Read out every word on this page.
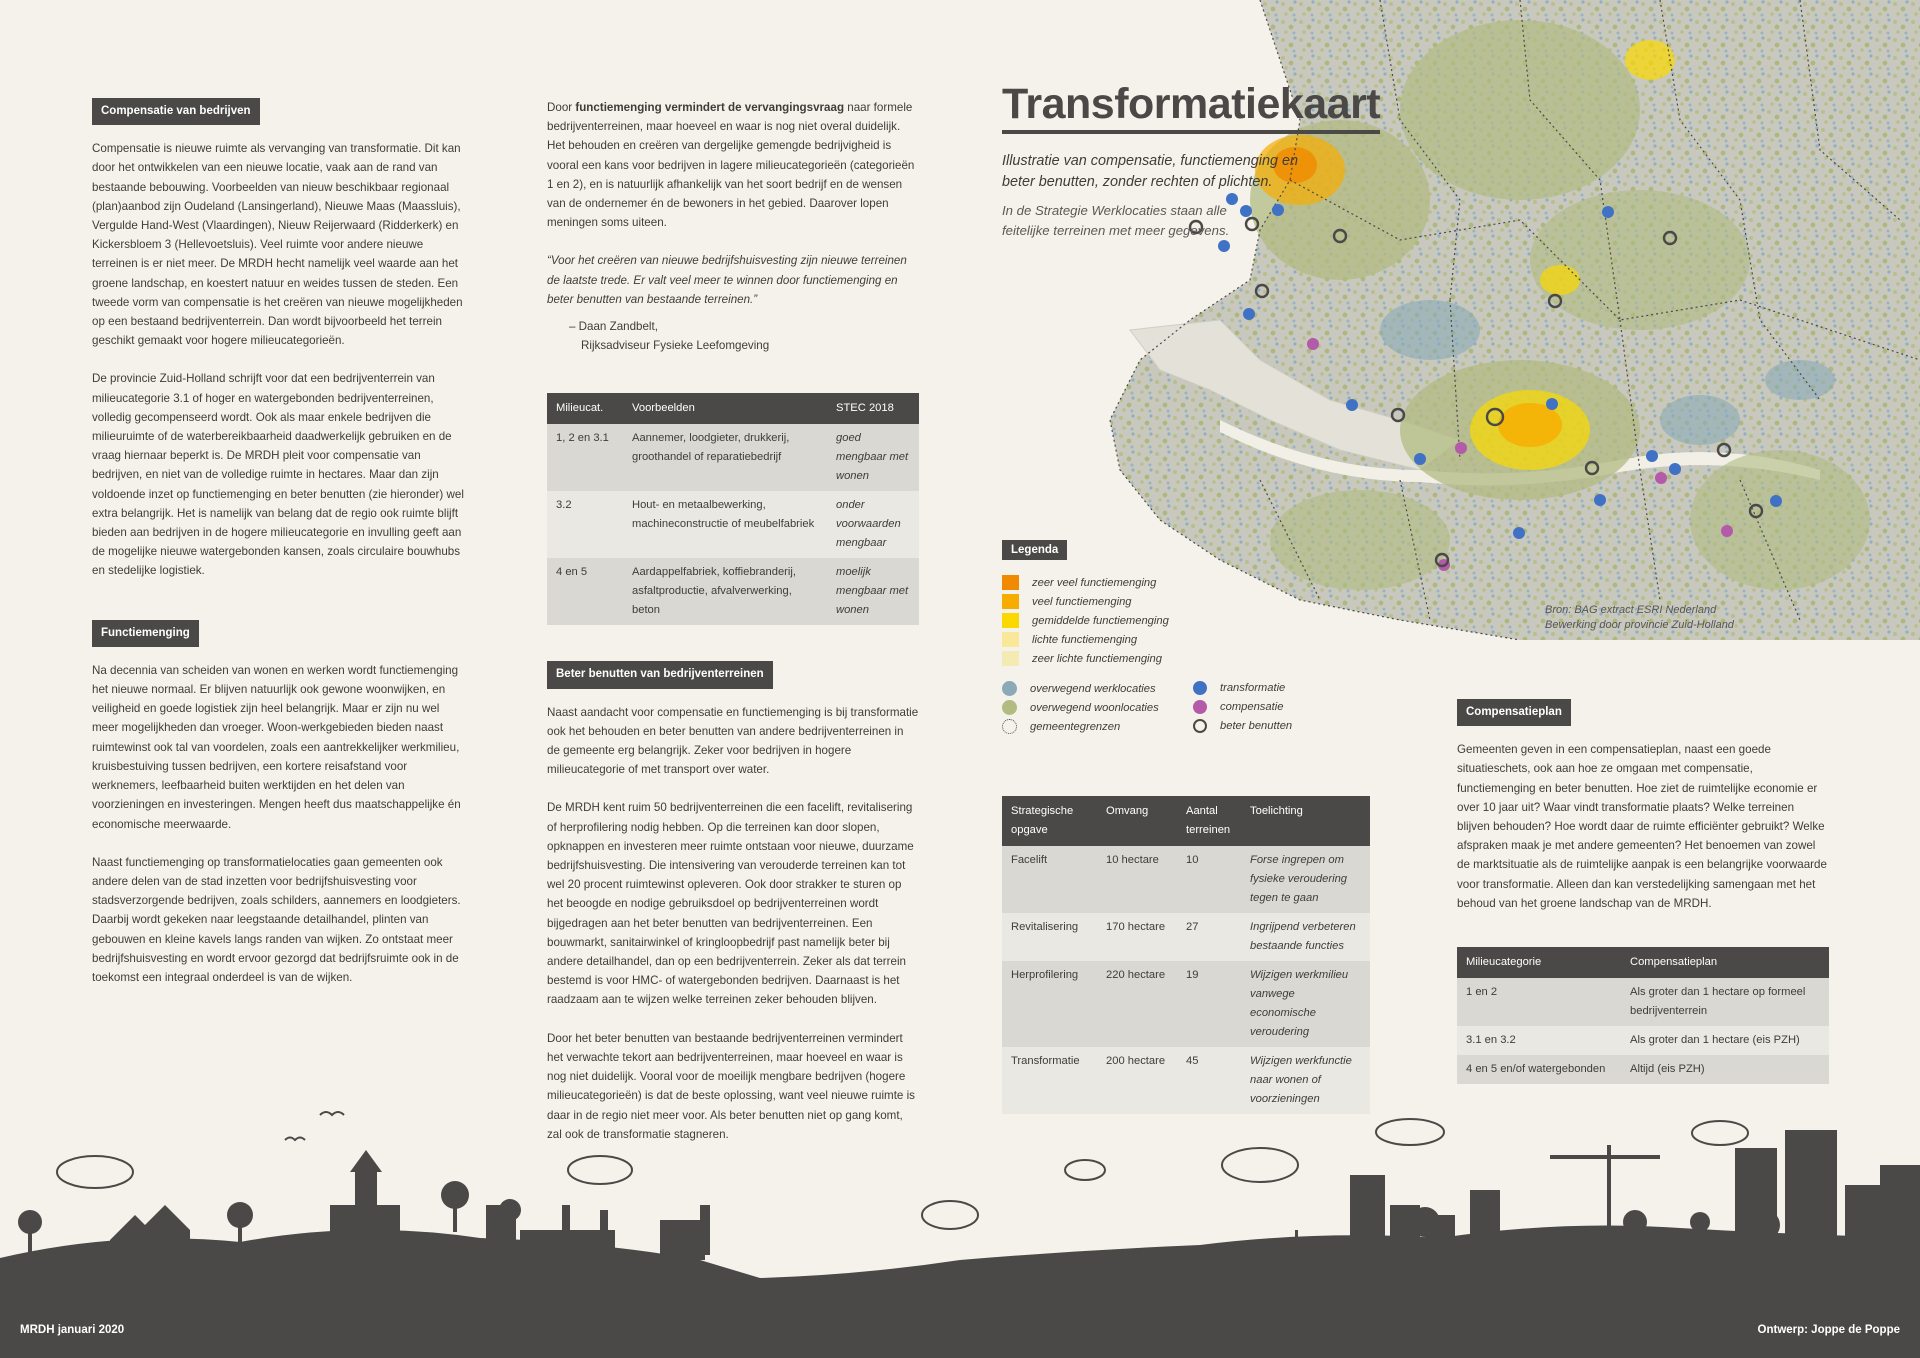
Compensatie van bedrijven

Compensatie is nieuwe ruimte als vervanging van transformatie. Dit kan door het ontwikkelen van een nieuwe locatie, vaak aan de rand van bestaande bebouwing. Voorbeelden van nieuw beschikbaar regionaal (plan)aanbod zijn Oudeland (Lansingerland), Nieuwe Maas (Maassluis), Vergulde Hand-West (Vlaardingen), Nieuw Reijerwaard (Ridderkerk) en Kickersbloem 3 (Hellevoetsluis). Veel ruimte voor andere nieuwe terreinen is er niet meer. De MRDH hecht namelijk veel waarde aan het groene landschap, en koestert natuur en weides tussen de steden. Een tweede vorm van compensatie is het creëren van nieuwe mogelijkheden op een bestaand bedrijventerrein. Dan wordt bijvoorbeeld het terrein geschikt gemaakt voor hogere milieucategorieën.

De provincie Zuid-Holland schrijft voor dat een bedrijventerrein van milieucategorie 3.1 of hoger en watergebonden bedrijventerreinen, volledig gecompenseerd wordt. Ook als maar enkele bedrijven die milieuruimte of de waterbereikbaarheid daadwerkelijk gebruiken en de vraag hiernaar beperkt is. De MRDH pleit voor compensatie van bedrijven, en niet van de volledige ruimte in hectares. Maar dan zijn voldoende inzet op functiemenging en beter benutten (zie hieronder) wel extra belangrijk. Het is namelijk van belang dat de regio ook ruimte blijft bieden aan bedrijven in de hogere milieucategorie en invulling geeft aan de mogelijke nieuwe watergebonden kansen, zoals circulaire bouwhubs en stedelijke logistiek.

Functiemenging

Na decennia van scheiden van wonen en werken wordt functiemenging het nieuwe normaal. Er blijven natuurlijk ook gewone woonwijken, en veiligheid en goede logistiek zijn heel belangrijk. Maar er zijn nu wel meer mogelijkheden dan vroeger. Woon-werkgebieden bieden naast ruimtewinst ook tal van voordelen, zoals een aantrekkelijker werkmilieu, kruisbestuiving tussen bedrijven, een kortere reisafstand voor werknemers, leefbaarheid buiten werktijden en het delen van voorzieningen en investeringen. Mengen heeft dus maatschappelijke én economische meerwaarde.

Naast functiemenging op transformatielocaties gaan gemeenten ook andere delen van de stad inzetten voor bedrijfshuisvesting voor stadsverzorgende bedrijven, zoals schilders, aannemers en loodgieters. Daarbij wordt gekeken naar leegstaande detailhandel, plinten van gebouwen en kleine kavels langs randen van wijken. Zo ontstaat meer bedrijfshuisvesting en wordt ervoor gezorgd dat bedrijfsruimte ook in de toekomst een integraal onderdeel is van de wijken.

Door functiemenging vermindert de vervangingsvraag naar formele bedrijventerreinen, maar hoeveel en waar is nog niet overal duidelijk. Het behouden en creëren van dergelijke gemengde bedrijvigheid is vooral een kans voor bedrijven in lagere milieucategorieën (categorieën 1 en 2), en is natuurlijk afhankelijk van het soort bedrijf en de wensen van de ondernemer én de bewoners in het gebied. Daarover lopen meningen soms uiteen.

“Voor het creëren van nieuwe bedrijfshuisvesting zijn nieuwe terreinen de laatste trede. Er valt veel meer te winnen door functiemenging en beter benutten van bestaande terreinen.”

– Daan Zandbelt,
Rijksadviseur Fysieke Leefomgeving
Milieucat.	Voorbeelden	STEC 2018
1, 2 en 3.1	Aannemer, loodgieter, drukkerij, groothandel of reparatiebedrijf	goed mengbaar met wonen
3.2	Hout- en metaalbewerking, machineconstructie of meubelfabriek	onder voorwaarden mengbaar
4 en 5	Aardappelfabriek, koffiebranderij, asfaltproductie, afvalverwerking, beton	moelijk mengbaar met wonen
Beter benutten van bedrijventerreinen

Naast aandacht voor compensatie en functiemenging is bij transformatie ook het behouden en beter benutten van andere bedrijventerreinen in de gemeente erg belangrijk. Zeker voor bedrijven in hogere milieucategorie of met transport over water.

De MRDH kent ruim 50 bedrijventerreinen die een facelift, revitalisering of herprofilering nodig hebben. Op die terreinen kan door slopen, opknappen en investeren meer ruimte ontstaan voor nieuwe, duurzame bedrijfshuisvesting. Die intensivering van verouderde terreinen kan tot wel 20 procent ruimtewinst opleveren. Ook door strakker te sturen op het beoogde en nodige gebruiksdoel op bedrijventerreinen wordt bijgedragen aan het beter benutten van bedrijventerreinen. Een bouwmarkt, sanitairwinkel of kringloopbedrijf past namelijk beter bij andere detailhandel, dan op een bedrijventerrein. Zeker als dat terrein bestemd is voor HMC- of watergebonden bedrijven. Daarnaast is het raadzaam aan te wijzen welke terreinen zeker behouden blijven.

Door het beter benutten van bestaande bedrijventerreinen vermindert het verwachte tekort aan bedrijventerreinen, maar hoeveel en waar is nog niet duidelijk. Vooral voor de moeilijk mengbare bedrijven (hogere milieucategorieën) is dat de beste oplossing, want veel nieuwe ruimte is daar in de regio niet meer voor. Als beter benutten niet op gang komt, zal ook de transformatie stagneren.

Transformatiekaart
Illustratie van compensatie, functiemenging en beter benutten, zonder rechten of plichten.
In de Strategie Werklocaties staan alle feitelijke terreinen met meer gegevens.
Bron: BAG extract ESRI Nederland
Bewerking door provincie Zuid-Holland
Legenda
zeer veel functiemenging
veel functiemenging
gemiddelde functiemenging
lichte functiemenging
zeer lichte functiemenging
overwegend werklocaties
overwegend woonlocaties
gemeentegrenzen
transformatie
compensatie
beter benutten
Strategische opgave	Omvang	Aantal terreinen	Toelichting
Facelift	10 hectare	10	Forse ingrepen om fysieke veroudering tegen te gaan
Revitalisering	170 hectare	27	Ingrijpend verbeteren bestaande functies
Herprofilering	220 hectare	19	Wijzigen werkmilieu vanwege economische veroudering
Transformatie	200 hectare	45	Wijzigen werkfunctie naar wonen of voorzieningen
Compensatieplan

Gemeenten geven in een compensatieplan, naast een goede situatieschets, ook aan hoe ze omgaan met compensatie, functiemenging en beter benutten. Hoe ziet de ruimtelijke economie er over 10 jaar uit? Waar vindt transformatie plaats? Welke terreinen blijven behouden? Hoe wordt daar de ruimte efficiënter gebruikt? Welke afspraken maak je met andere gemeenten? Het benoemen van zowel de marktsituatie als de ruimtelijke aanpak is een belangrijke voorwaarde voor transformatie. Alleen dan kan verstedelijking samengaan met het behoud van het groene landschap van de MRDH.

Milieucategorie	Compensatieplan
1 en 2	Als groter dan 1 hectare op formeel bedrijventerrein
3.1 en 3.2	Als groter dan 1 hectare (eis PZH)
4 en 5 en/of watergebonden	Altijd (eis PZH)
MRDH januari 2020	Ontwerp: Joppe de Poppe
